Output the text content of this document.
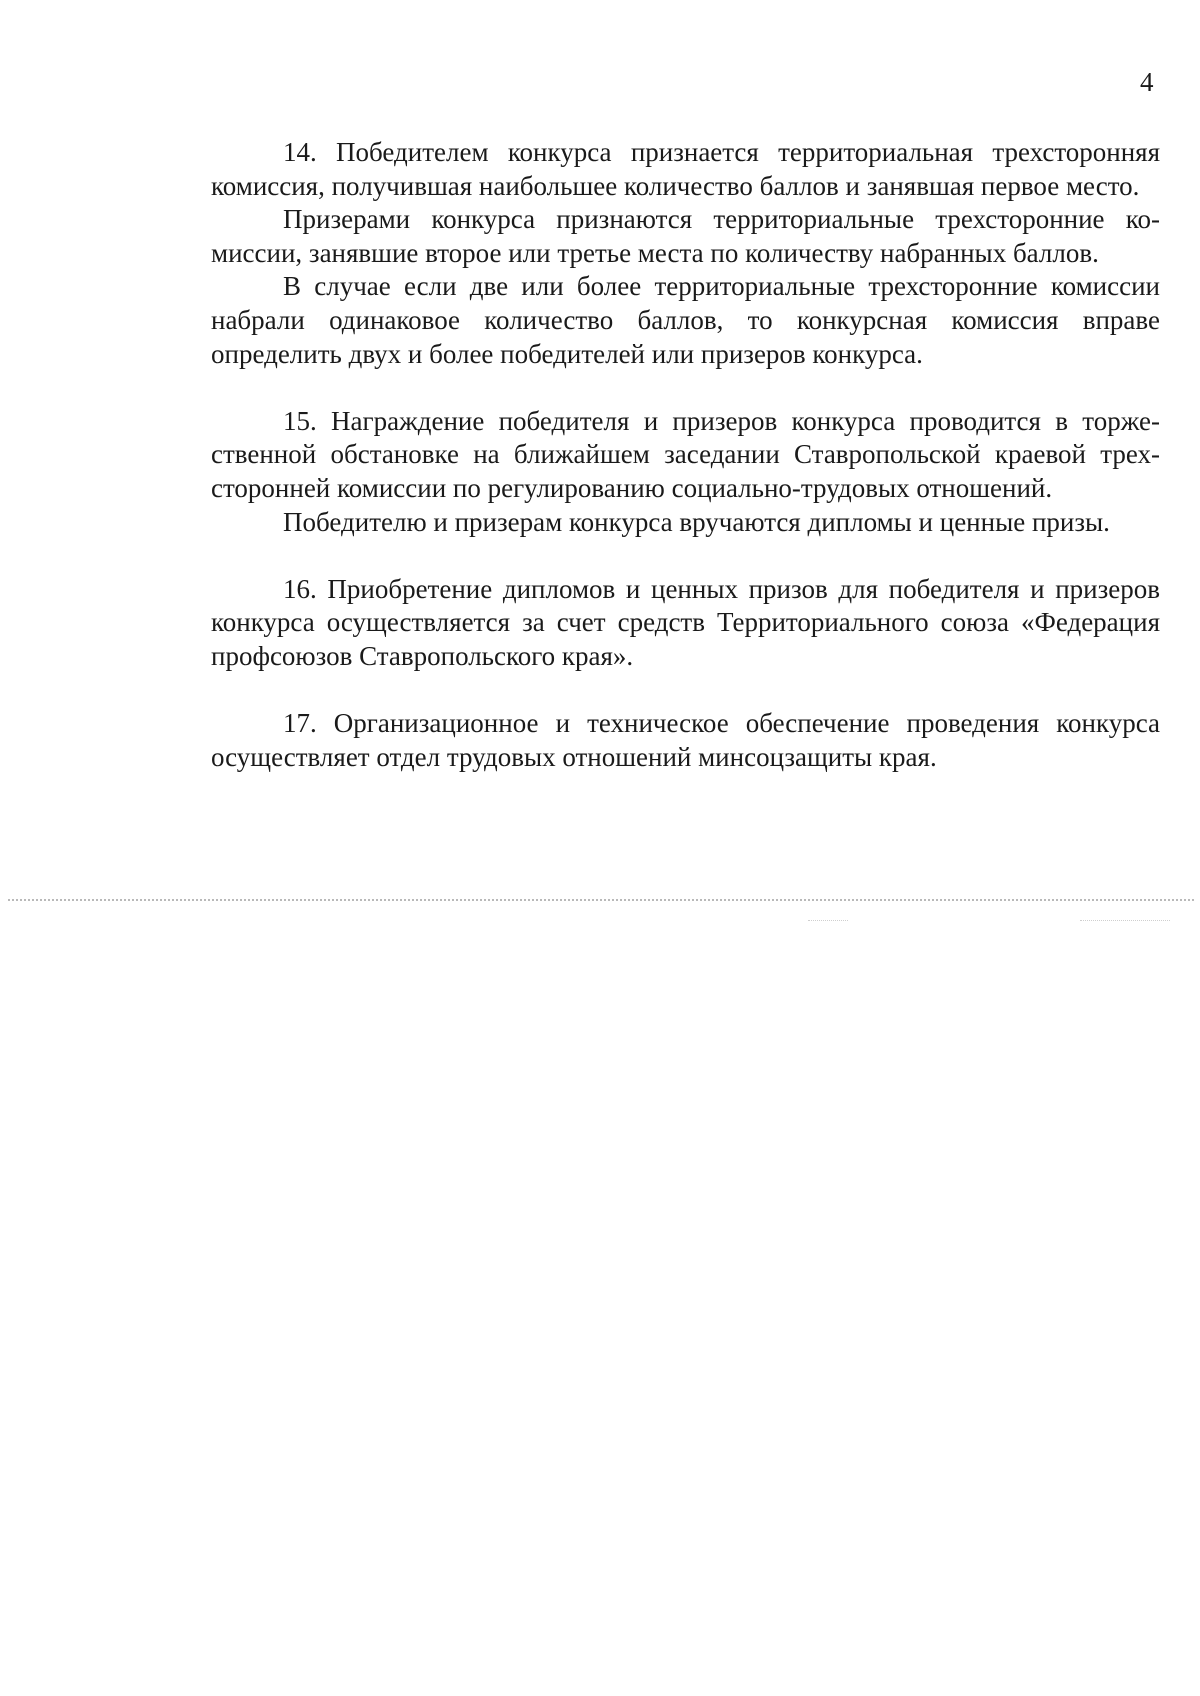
4

14. Победителем конкурса признается территориальная трехсторонняя комиссия, получившая наибольшее количество баллов и занявшая первое место.

Призерами конкурса признаются территориальные трехсторонние комиссии, занявшие второе или третье места по количеству набранных баллов.

В случае если две или более территориальные трехсторонние комиссии набрали одинаковое количество баллов, то конкурсная комиссия вправе определить двух и более победителей или призеров конкурса.

15. Награждение победителя и призеров конкурса проводится в торжественной обстановке на ближайшем заседании Ставропольской краевой трехсторонней комиссии по регулированию социально-трудовых отношений.

Победителю и призерам конкурса вручаются дипломы и ценные призы.

16. Приобретение дипломов и ценных призов для победителя и призеров конкурса осуществляется за счет средств Территориального союза «Федерация профсоюзов Ставропольского края».

17. Организационное и техническое обеспечение проведения конкурса осуществляет отдел трудовых отношений минсоцзащиты края.
